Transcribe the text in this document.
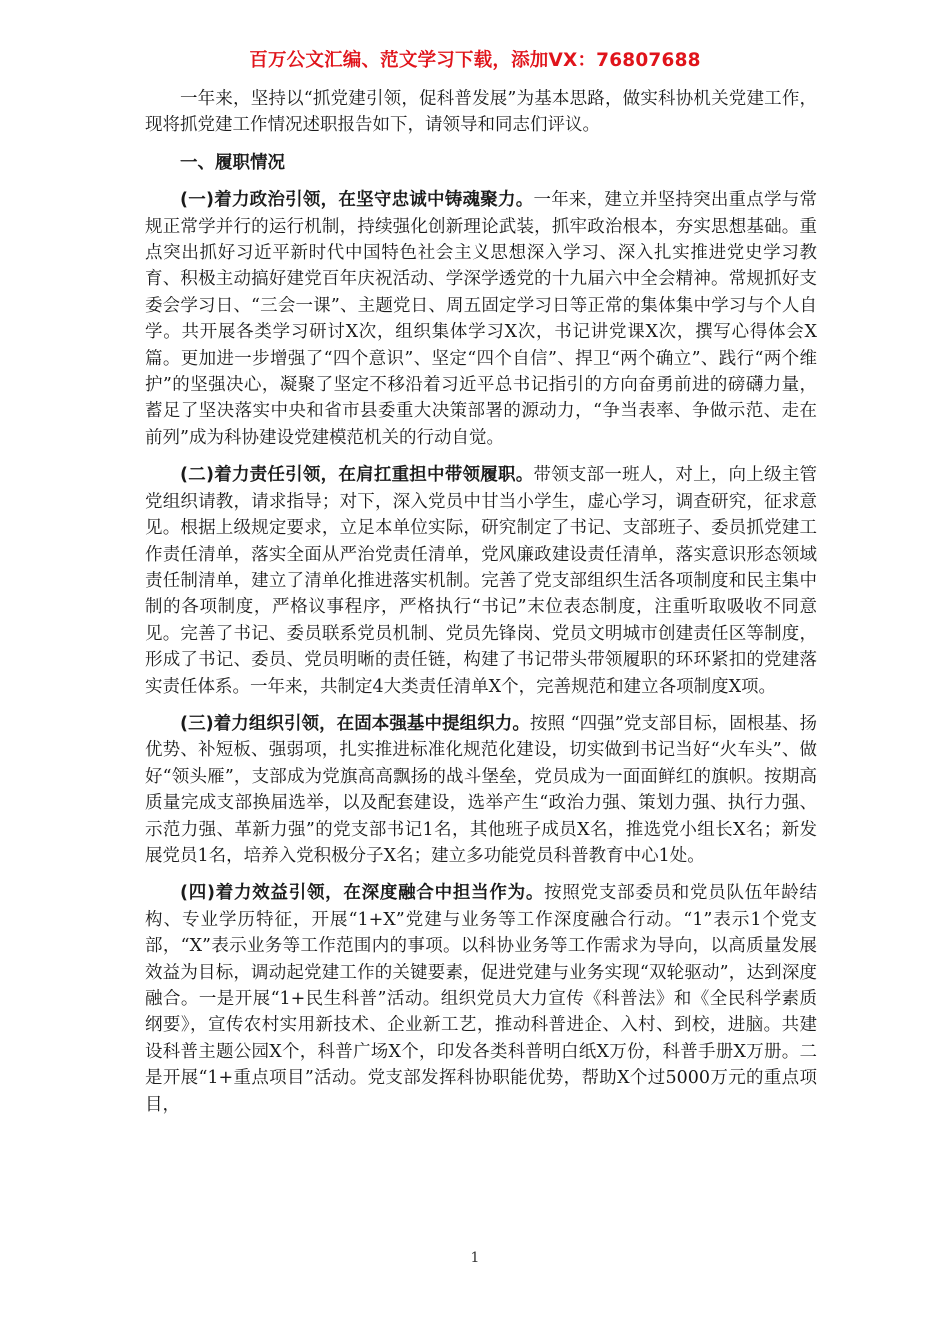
百万公文汇编、范文学习下载，添加VX：76807688

一年来，坚持以“抓党建引领，促科普发展”为基本思路，做实科协机关党建工作，现将抓党建工作情况述职报告如下，请领导和同志们评议。

一、履职情况

(一)着力政治引领，在坚守忠诚中铸魂聚力。一年来，建立并坚持突出重点学与常规正常学并行的运行机制，持续强化创新理论武装，抓牢政治根本，夯实思想基础。重点突出抓好习近平新时代中国特色社会主义思想深入学习、深入扎实推进党史学习教育、积极主动搞好建党百年庆祝活动、学深学透党的十九届六中全会精神。常规抓好支委会学习日、“三会一课”、主题党日、周五固定学习日等正常的集体集中学习与个人自学。共开展各类学习研讨X次，组织集体学习X次，书记讲党课X次，撰写心得体会X篇。更加进一步增强了“四个意识”、坚定“四个自信”、捍卫“两个确立”、践行“两个维护”的坚强决心，凝聚了坚定不移沿着习近平总书记指引的方向奋勇前进的磅礴力量，蓄足了坚决落实中央和省市县委重大决策部署的源动力，“争当表率、争做示范、走在前列”成为科协建设党建模范机关的行动自觉。

(二)着力责任引领，在肩扛重担中带领履职。带领支部一班人，对上，向上级主管党组织请教，请求指导；对下，深入党员中甘当小学生，虚心学习，调查研究，征求意见。根据上级规定要求，立足本单位实际，研究制定了书记、支部班子、委员抓党建工作责任清单，落实全面从严治党责任清单，党风廉政建设责任清单，落实意识形态领域责任制清单，建立了清单化推进落实机制。完善了党支部组织生活各项制度和民主集中制的各项制度，严格议事程序，严格执行“书记”末位表态制度，注重听取吸收不同意见。完善了书记、委员联系党员机制、党员先锋岗、党员文明城市创建责任区等制度，形成了书记、委员、党员明晰的责任链，构建了书记带头带领履职的环环紧扣的党建落实责任体系。一年来，共制定4大类责任清单X个，完善规范和建立各项制度X项。

(三)着力组织引领，在固本强基中提组织力。按照 “四强”党支部目标，固根基、扬优势、补短板、强弱项，扎实推进标准化规范化建设，切实做到书记当好“火车头”、做好“领头雁”，支部成为党旗高高飘扬的战斗堡垒，党员成为一面面鲜红的旗帜。按期高质量完成支部换届选举，以及配套建设，选举产生“政治力强、策划力强、执行力强、示范力强、革新力强”的党支部书记1名，其他班子成员X名，推选党小组长X名；新发展党员1名，培养入党积极分子X名；建立多功能党员科普教育中心1处。

(四)着力效益引领，在深度融合中担当作为。按照党支部委员和党员队伍年龄结构、专业学历特征，开展“1+X”党建与业务等工作深度融合行动。“1”表示1个党支部，“X”表示业务等工作范围内的事项。以科协业务等工作需求为导向，以高质量发展效益为目标，调动起党建工作的关键要素，促进党建与业务实现“双轮驱动”，达到深度融合。一是开展“1+民生科普”活动。组织党员大力宣传《科普法》和《全民科学素质纲要》，宣传农村实用新技术、企业新工艺，推动科普进企、入村、到校，进脑。共建设科普主题公园X个，科普广场X个，印发各类科普明白纸X万份，科普手册X万册。二是开展“1+重点项目”活动。党支部发挥科协职能优势，帮助X个过5000万元的重点项目，

1
